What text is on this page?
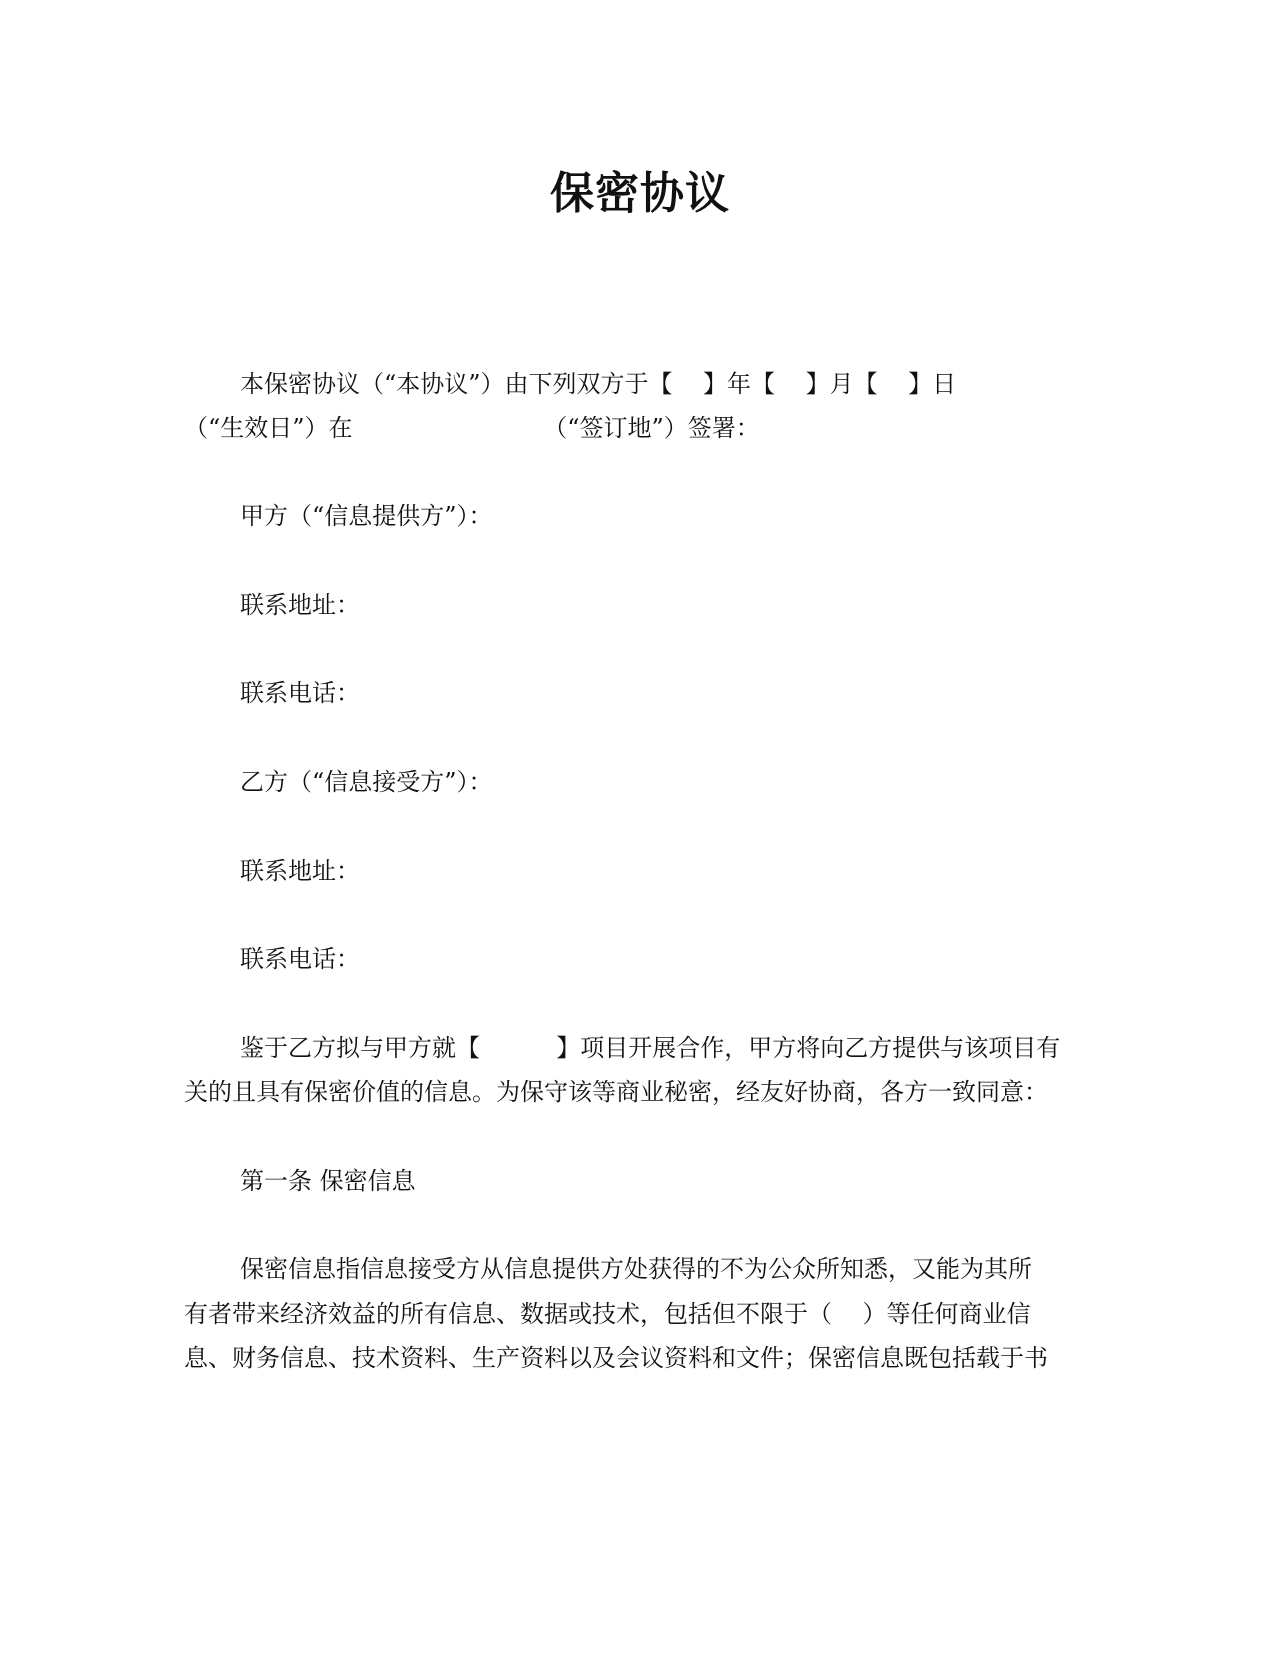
保密协议
本保密协议（“本协议”）由下列双方于【    】年【    】月【    】日
（“生效日”）在                         （“签订地”）签署：
甲方（“信息提供方”）：
联系地址：
联系电话：
乙方（“信息接受方”）：
联系地址：
联系电话：
鉴于乙方拟与甲方就【          】项目开展合作，甲方将向乙方提供与该项目有
关的且具有保密价值的信息。为保守该等商业秘密，经友好协商，各方一致同意：
第一条 保密信息
保密信息指信息接受方从信息提供方处获得的不为公众所知悉，又能为其所
有者带来经济效益的所有信息、数据或技术，包括但不限于（    ）等任何商业信
息、财务信息、技术资料、生产资料以及会议资料和文件；保密信息既包括载于书
